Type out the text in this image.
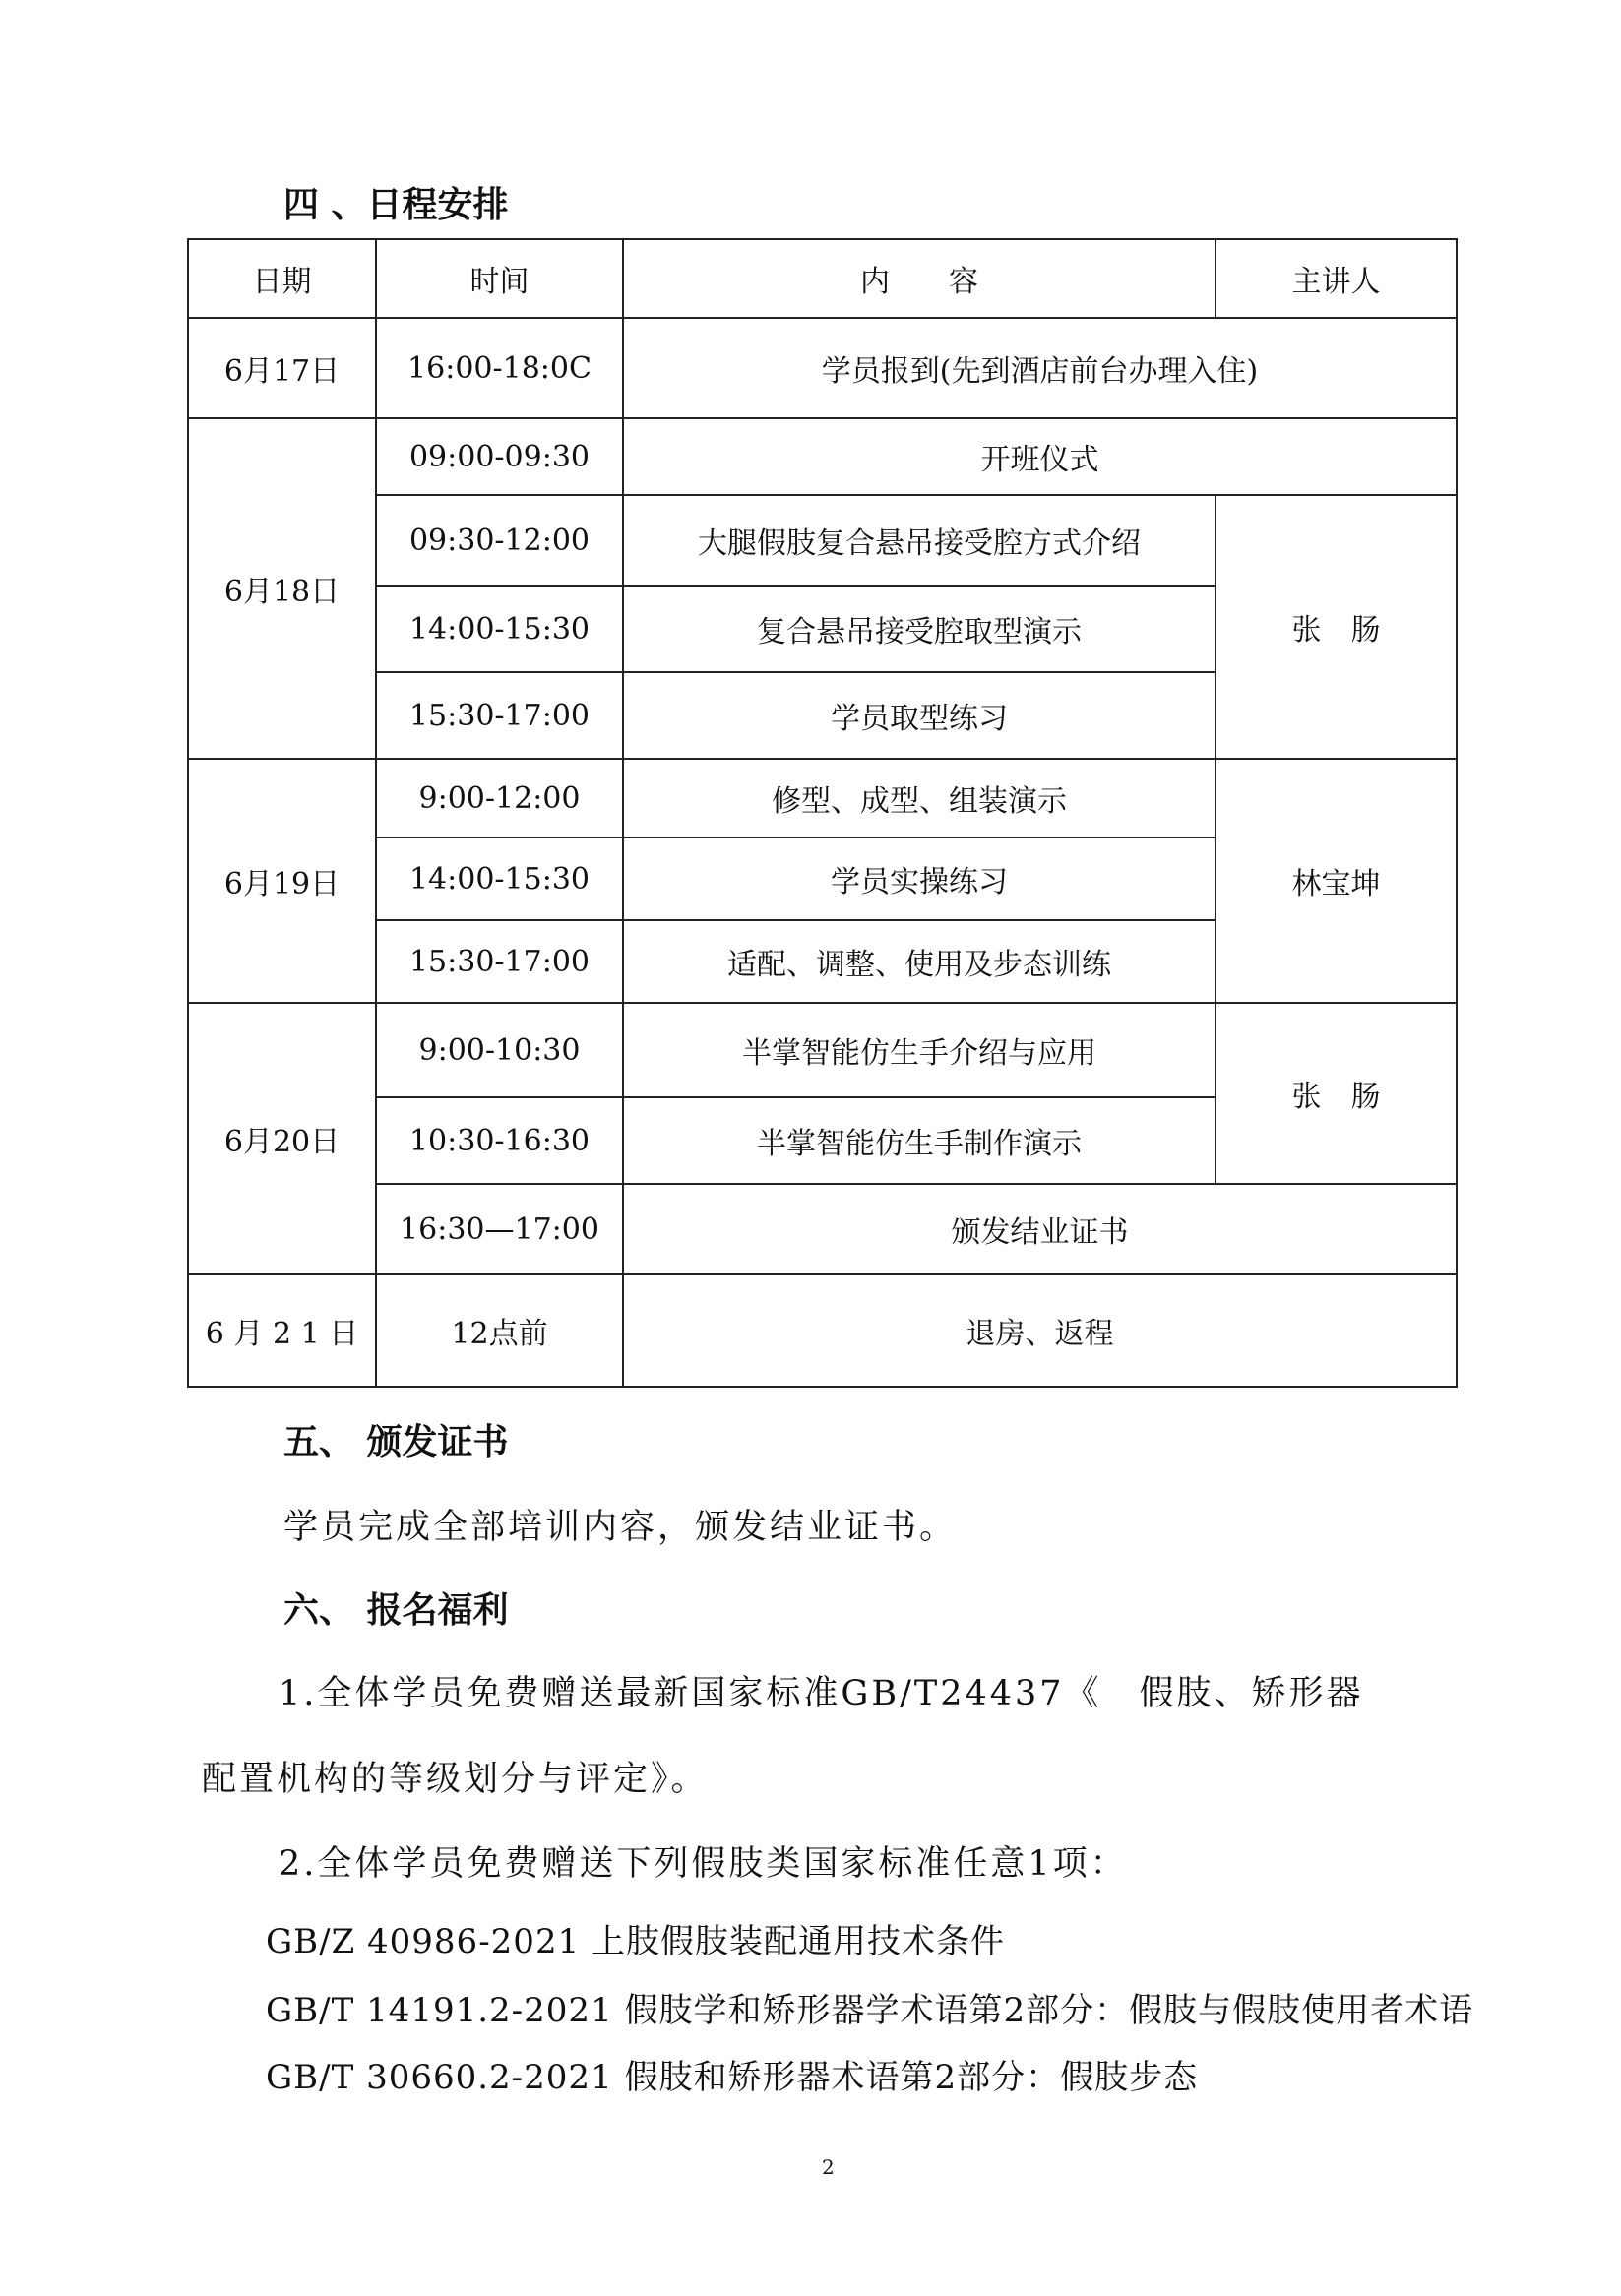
四 、日程安排
日期	时间	内　　容	主讲人
6月17日	16:00-18:0C	学员报到(先到酒店前台办理入住)	
6月18日	09:00-09:30	开班仪式	
	09:30-12:00	大腿假肢复合悬吊接受腔方式介绍	张　肠
	14:00-15:30	复合悬吊接受腔取型演示	
	15:30-17:00	学员取型练习	
6月19日	9:00-12:00	修型、成型、组装演示	林宝坤
	14:00-15:30	学员实操练习	
	15:30-17:00	适配、调整、使用及步态训练	
6月20日	9:00-10:30	半掌智能仿生手介绍与应用	张　肠
	10:30-16:30	半掌智能仿生手制作演示	
	16:30—17:00	颁发结业证书	
6 月 2 1 日	12点前	退房、返程	
五、 颁发证书
学员完成全部培训内容，颁发结业证书。
六、 报名福利
1.全体学员免费赠送最新国家标准GB/T24437《　假肢、矫形器
配置机构的等级划分与评定》。
2.全体学员免费赠送下列假肢类国家标准任意1项：
GB/Z 40986-2021 上肢假肢装配通用技术条件
GB/T 14191.2-2021 假肢学和矫形器学术语第2部分：假肢与假肢使用者术语
GB/T 30660.2-2021 假肢和矫形器术语第2部分：假肢步态
2
